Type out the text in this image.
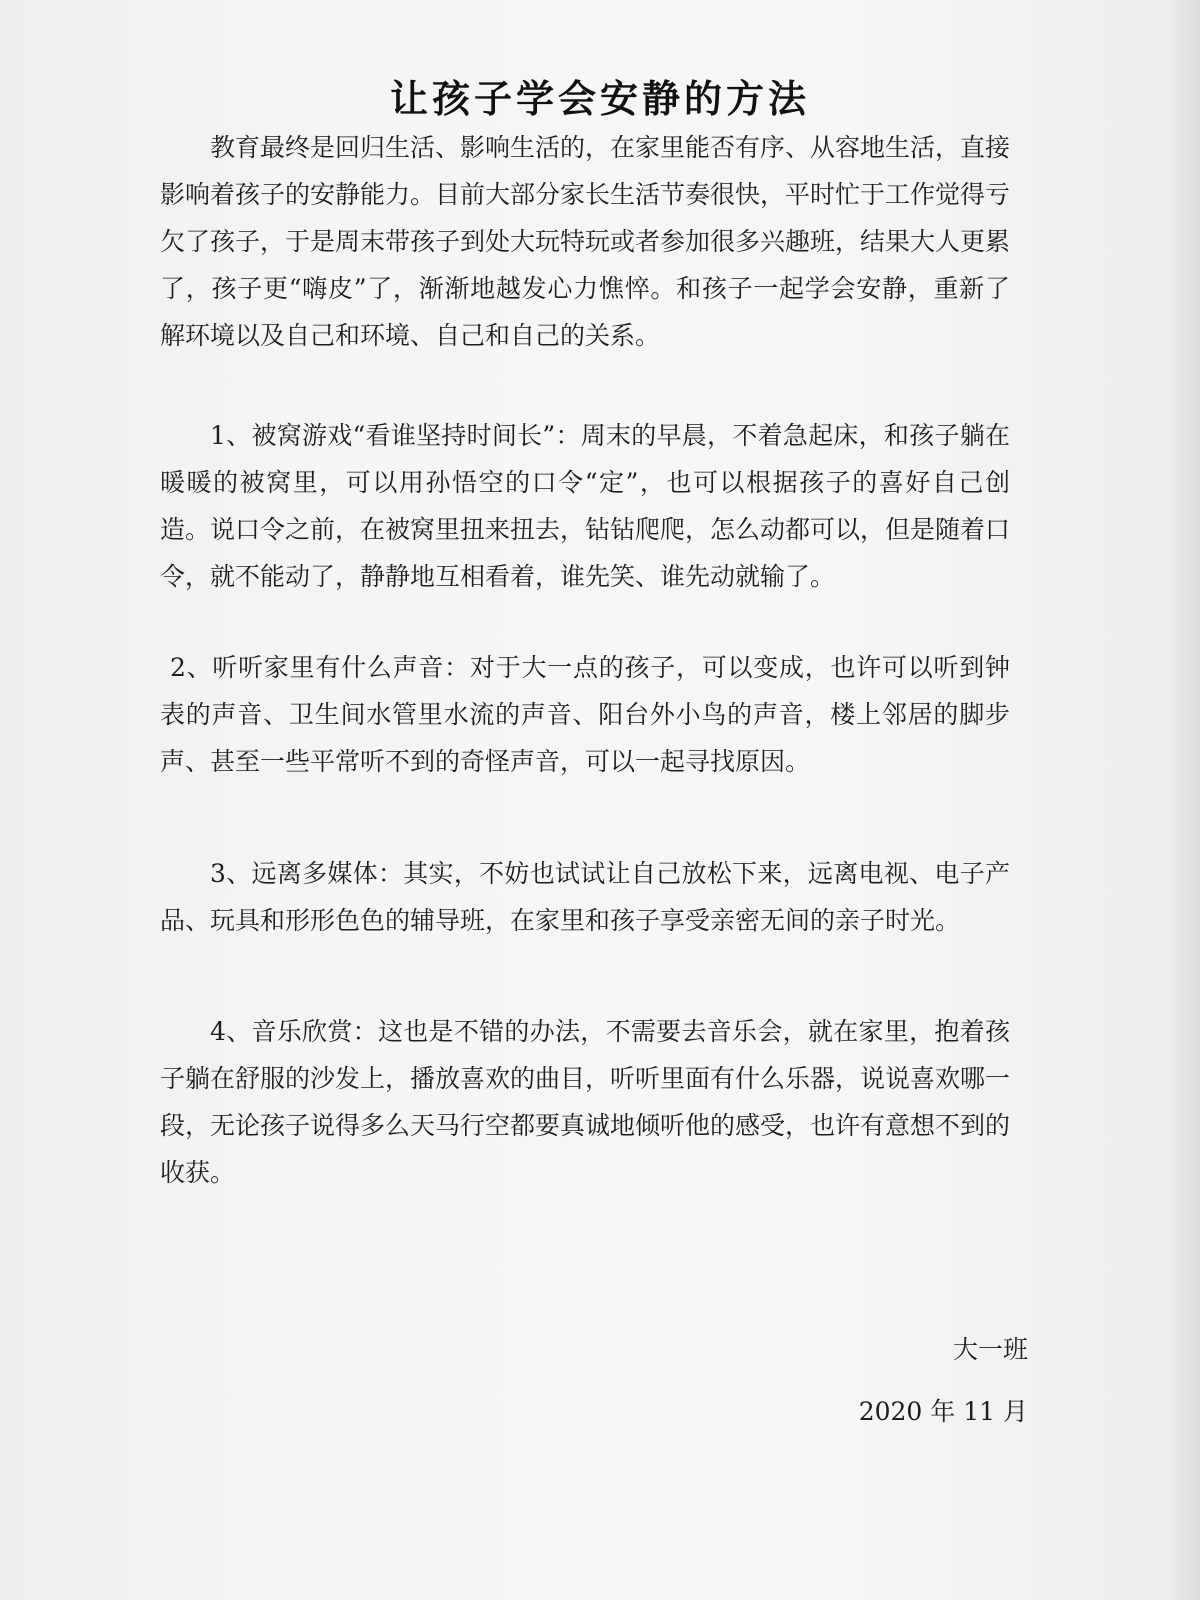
让孩子学会安静的方法
教育最终是回归生活、影响生活的，在家里能否有序、从容地生活，直接影响着孩子的安静能力。目前大部分家长生活节奏很快，平时忙于工作觉得亏欠了孩子，于是周末带孩子到处大玩特玩或者参加很多兴趣班，结果大人更累了，孩子更“嗨皮”了，渐渐地越发心力憔悴。和孩子一起学会安静，重新了解环境以及自己和环境、自己和自己的关系。
1、被窝游戏“看谁坚持时间长”：周末的早晨，不着急起床，和孩子躺在暖暖的被窝里，可以用孙悟空的口令“定”，也可以根据孩子的喜好自己创造。说口令之前，在被窝里扭来扭去，钻钻爬爬，怎么动都可以，但是随着口令，就不能动了，静静地互相看着，谁先笑、谁先动就输了。
2、听听家里有什么声音：对于大一点的孩子，可以变成，也许可以听到钟表的声音、卫生间水管里水流的声音、阳台外小鸟的声音，楼上邻居的脚步声、甚至一些平常听不到的奇怪声音，可以一起寻找原因。
3、远离多媒体：其实，不妨也试试让自己放松下来，远离电视、电子产品、玩具和形形色色的辅导班，在家里和孩子享受亲密无间的亲子时光。
4、音乐欣赏：这也是不错的办法，不需要去音乐会，就在家里，抱着孩子躺在舒服的沙发上，播放喜欢的曲目，听听里面有什么乐器，说说喜欢哪一段，无论孩子说得多么天马行空都要真诚地倾听他的感受，也许有意想不到的收获。
大一班
2020 年 11 月
